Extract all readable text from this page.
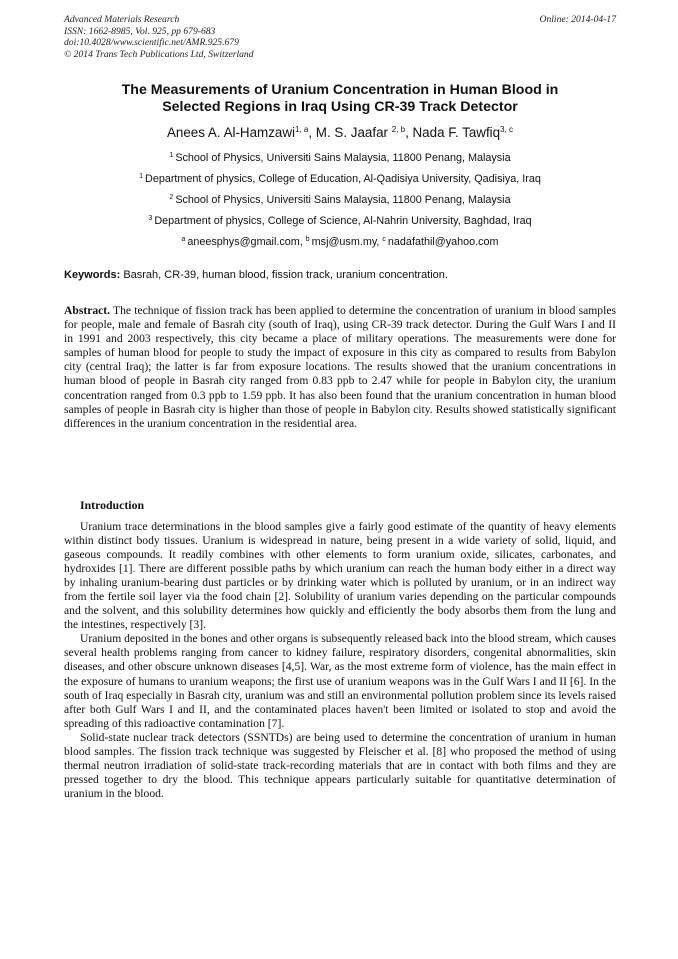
Advanced Materials Research
ISSN: 1662-8985, Vol. 925, pp 679-683
doi:10.4028/www.scientific.net/AMR.925.679
© 2014 Trans Tech Publications Ltd, Switzerland
Online: 2014-04-17
The Measurements of Uranium Concentration in Human Blood in
Selected Regions in Iraq Using CR-39 Track Detector
Anees A. Al-Hamzawi$^{1, a}$, M. S. Jaafar $^{2, b}$, Nada F. Tawfiq$^{3, c}$
$^1$ School of Physics, Universiti Sains Malaysia, 11800 Penang, Malaysia
$^1$ Department of physics, College of Education, Al-Qadisiya University, Qadisiya, Iraq
$^2$ School of Physics, Universiti Sains Malaysia, 11800 Penang, Malaysia
$^3$ Department of physics, College of Science, Al-Nahrin University, Baghdad, Iraq
$^a$ aneesphys@gmail.com, $^b$ msj@usm.my, $^c$ nadafathil@yahoo.com
Keywords: Basrah, CR-39, human blood, fission track, uranium concentration.
Abstract. The technique of fission track has been applied to determine the concentration of uranium in blood samples for people, male and female of Basrah city (south of Iraq), using CR-39 track detector. During the Gulf Wars I and II in 1991 and 2003 respectively, this city became a place of military operations. The measurements were done for samples of human blood for people to study the impact of exposure in this city as compared to results from Babylon city (central Iraq); the latter is far from exposure locations. The results showed that the uranium concentrations in human blood of people in Basrah city ranged from 0.83 ppb to 2.47 while for people in Babylon city, the uranium concentration ranged from 0.3 ppb to 1.59 ppb. It has also been found that the uranium concentration in human blood samples of people in Basrah city is higher than those of people in Babylon city. Results showed statistically significant differences in the uranium concentration in the residential area.
Introduction

Uranium trace determinations in the blood samples give a fairly good estimate of the quantity of heavy elements within distinct body tissues. Uranium is widespread in nature, being present in a wide variety of solid, liquid, and gaseous compounds. It readily combines with other elements to form uranium oxide, silicates, carbonates, and hydroxides [1]. There are different possible paths by which uranium can reach the human body either in a direct way by inhaling uranium-bearing dust particles or by drinking water which is polluted by uranium, or in an indirect way from the fertile soil layer via the food chain [2]. Solubility of uranium varies depending on the particular compounds and the solvent, and this solubility determines how quickly and efficiently the body absorbs them from the lung and the intestines, respectively [3].

Uranium deposited in the bones and other organs is subsequently released back into the blood stream, which causes several health problems ranging from cancer to kidney failure, respiratory disorders, congenital abnormalities, skin diseases, and other obscure unknown diseases [4,5]. War, as the most extreme form of violence, has the main effect in the exposure of humans to uranium weapons; the first use of uranium weapons was in the Gulf Wars I and II [6]. In the south of Iraq especially in Basrah city, uranium was and still an environmental pollution problem since its levels raised after both Gulf Wars I and II, and the contaminated places haven't been limited or isolated to stop and avoid the spreading of this radioactive contamination [7].

Solid-state nuclear track detectors (SSNTDs) are being used to determine the concentration of uranium in human blood samples. The fission track technique was suggested by Fleischer et al. [8] who proposed the method of using thermal neutron irradiation of solid-state track-recording materials that are in contact with both films and they are pressed together to dry the blood. This technique appears particularly suitable for quantitative determination of uranium in the blood.
